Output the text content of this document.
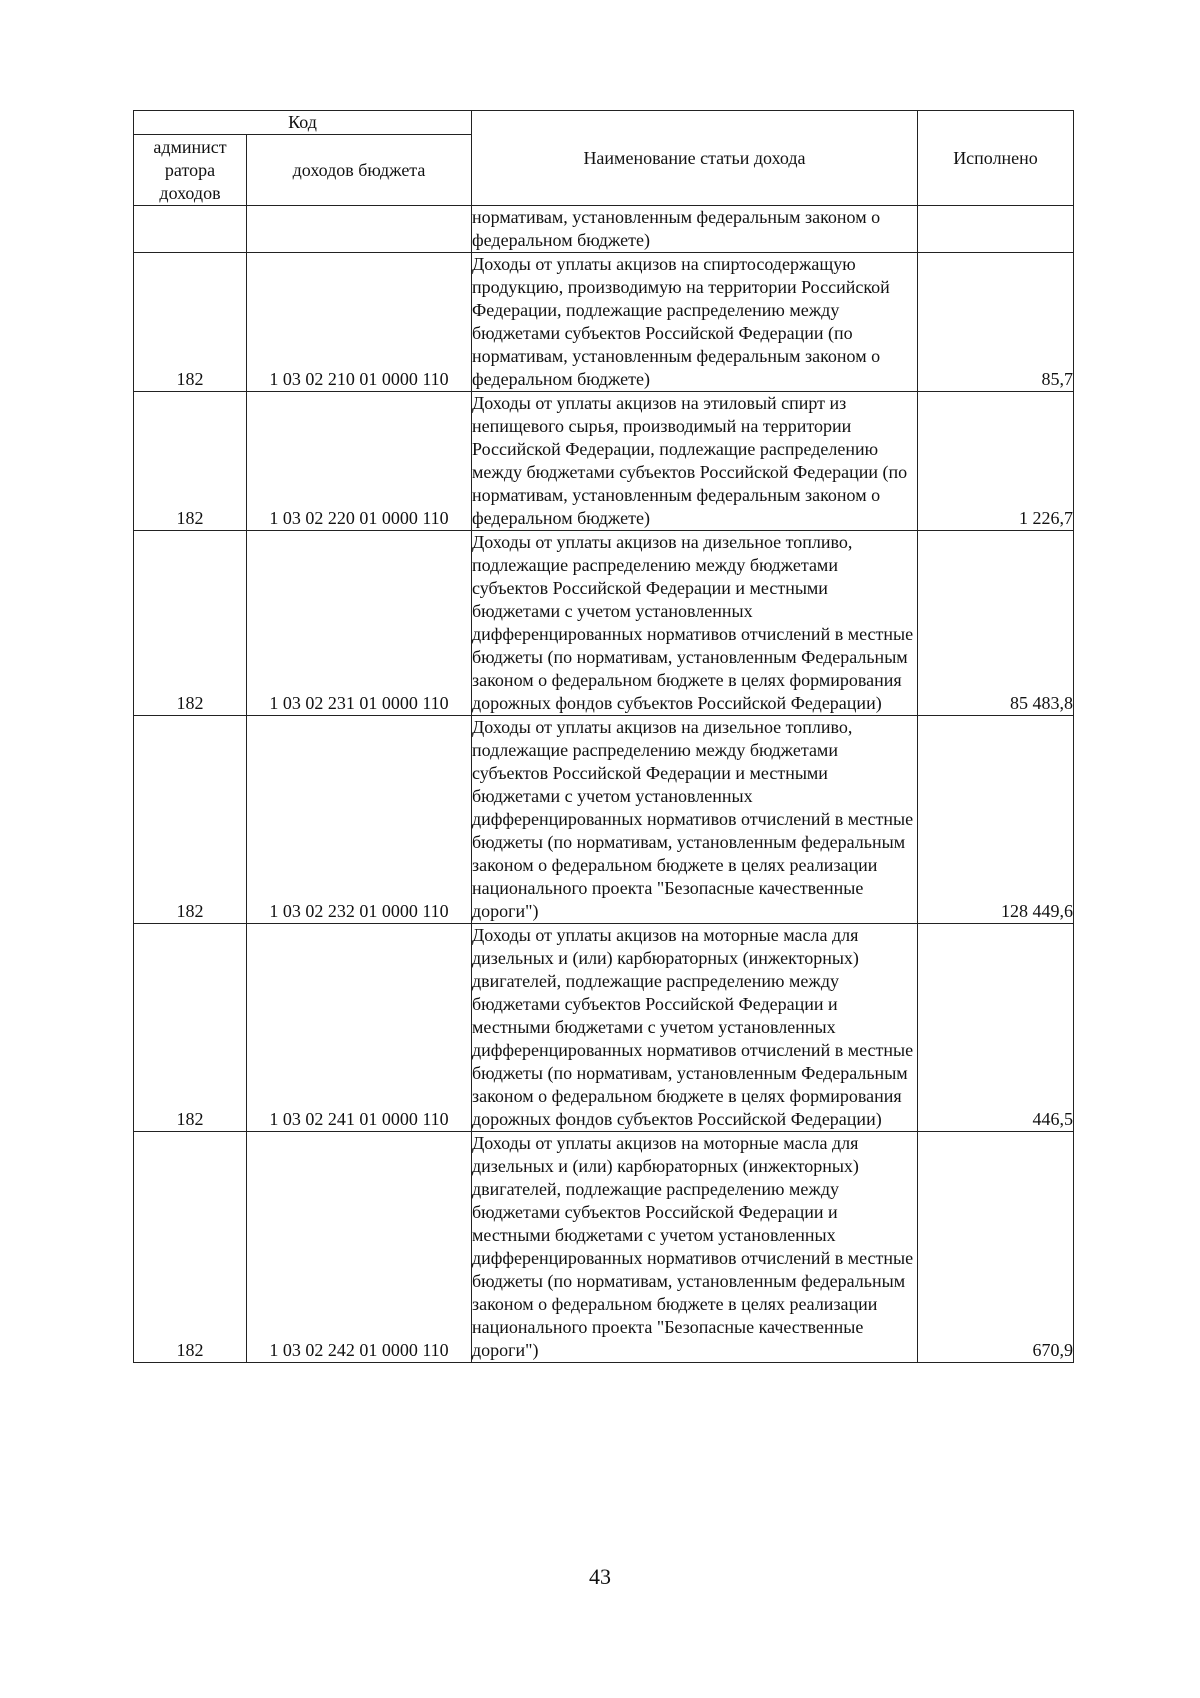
Код		Наименование статьи дохода	Исполнено
админист ратора доходов	доходов бюджета		
		нормативам, установленным федеральным законом о федеральном бюджете)	
182	1 03 02 210 01 0000 110	Доходы от уплаты акцизов на спиртосодержащую продукцию, производимую на территории Российской Федерации, подлежащие распределению между бюджетами субъектов Российской Федерации (по нормативам, установленным федеральным законом о федеральном бюджете)	85,7
182	1 03 02 220 01 0000 110	Доходы от уплаты акцизов на этиловый спирт из непищевого сырья, производимый на территории Российской Федерации, подлежащие распределению между бюджетами субъектов Российской Федерации (по нормативам, установленным федеральным законом о федеральном бюджете)	1 226,7
182	1 03 02 231 01 0000 110	Доходы от уплаты акцизов на дизельное топливо, подлежащие распределению между бюджетами субъектов Российской Федерации и местными бюджетами с учетом установленных дифференцированных нормативов отчислений в местные бюджеты (по нормативам, установленным Федеральным законом о федеральном бюджете в целях формирования дорожных фондов субъектов Российской Федерации)	85 483,8
182	1 03 02 232 01 0000 110	Доходы от уплаты акцизов на дизельное топливо, подлежащие распределению между бюджетами субъектов Российской Федерации и местными бюджетами с учетом установленных дифференцированных нормативов отчислений в местные бюджеты (по нормативам, установленным федеральным законом о федеральном бюджете в целях реализации национального проекта "Безопасные качественные дороги")	128 449,6
182	1 03 02 241 01 0000 110	Доходы от уплаты акцизов на моторные масла для дизельных и (или) карбюраторных (инжекторных) двигателей, подлежащие распределению между бюджетами субъектов Российской Федерации и местными бюджетами с учетом установленных дифференцированных нормативов отчислений в местные бюджеты (по нормативам, установленным Федеральным законом о федеральном бюджете в целях формирования дорожных фондов субъектов Российской Федерации)	446,5
182	1 03 02 242 01 0000 110	Доходы от уплаты акцизов на моторные масла для дизельных и (или) карбюраторных (инжекторных) двигателей, подлежащие распределению между бюджетами субъектов Российской Федерации и местными бюджетами с учетом установленных дифференцированных нормативов отчислений в местные бюджеты (по нормативам, установленным федеральным законом о федеральном бюджете в целях реализации национального проекта "Безопасные качественные дороги")	670,9
43
